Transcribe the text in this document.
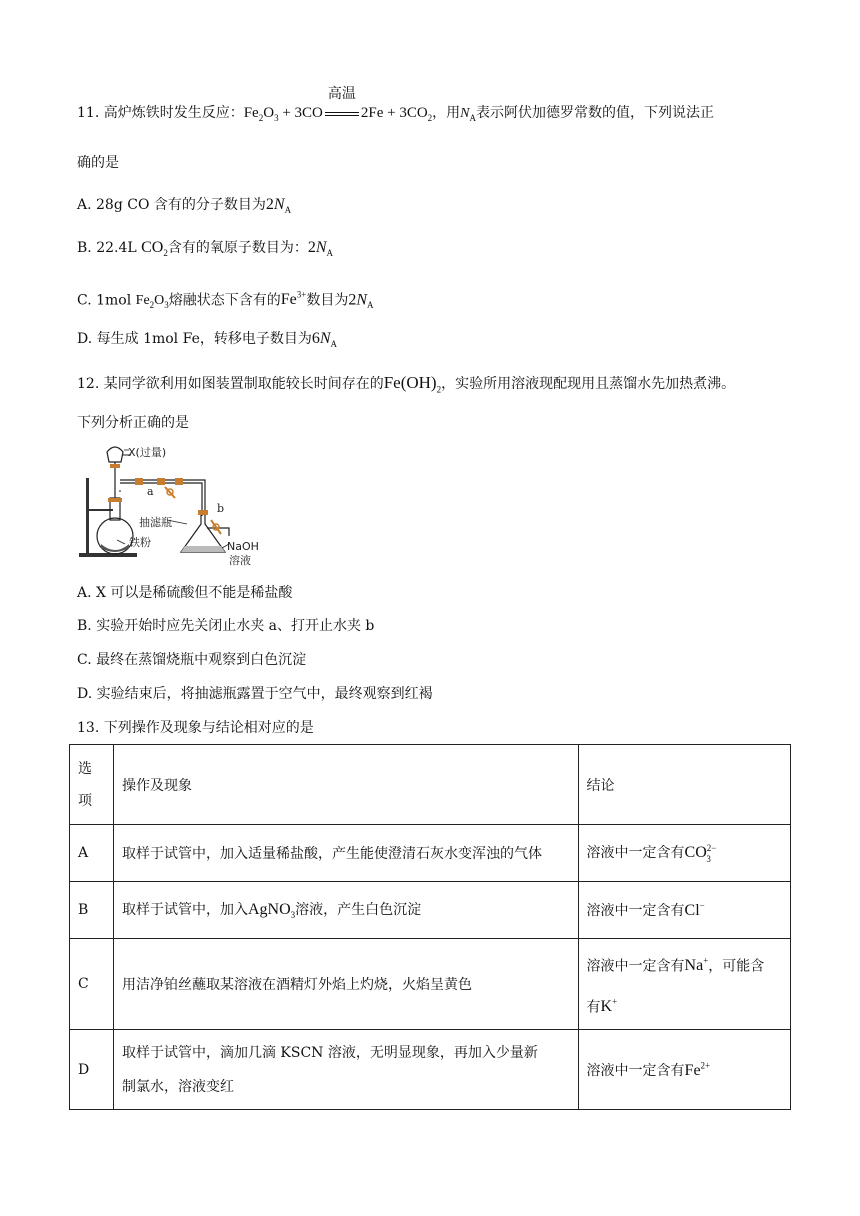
11. 高炉炼铁时发生反应：$Fe_2O_3 + 3CO$
高温
$2Fe + 3CO_2$，用$N_A$表示阿伏加德罗常数的值，下列说法正
确的是
A. 28g CO 含有的分子数目为$2N_A$
B. 22.4L $CO_2$含有的氧原子数目为：$2N_A$
C. 1mol $Fe_2O_3$熔融状态下含有的$Fe^{3+}$数目为$2N_A$
D. 每生成 1mol Fe，转移电子数目为$6N_A$
12. 某同学欲利用如图装置制取能较长时间存在的$Fe(OH)_2$，实验所用溶液现配现用且蒸馏水先加热煮沸。
下列分析正确的是
X(过量)
a
b
抽滤瓶
铁粉	NaOH
溶液
A. X 可以是稀硫酸但不能是稀盐酸
B. 实验开始时应先关闭止水夹 a、打开止水夹 b
C. 最终在蒸馏烧瓶中观察到白色沉淀
D. 实验结束后，将抽滤瓶露置于空气中，最终观察到红褐
13. 下列操作及现象与结论相对应的是
选
项	操作及现象	结论
A	取样于试管中，加入适量稀盐酸，产生能使澄清石灰水变浑浊的气体	溶液中一定含有$CO_{2-3}$
B	取样于试管中，加入AgNO$_3$溶液，产生白色沉淀	溶液中一定含有Cl−
C	用洁净铂丝蘸取某溶液在酒精灯外焰上灼烧，火焰呈黄色	溶液中一定含有Na+，可能含
有K+
D	取样于试管中，滴加几滴 KSCN 溶液，无明显现象，再加入少量新
制氯水，溶液变红	溶液中一定含有$Fe^{2+}$
